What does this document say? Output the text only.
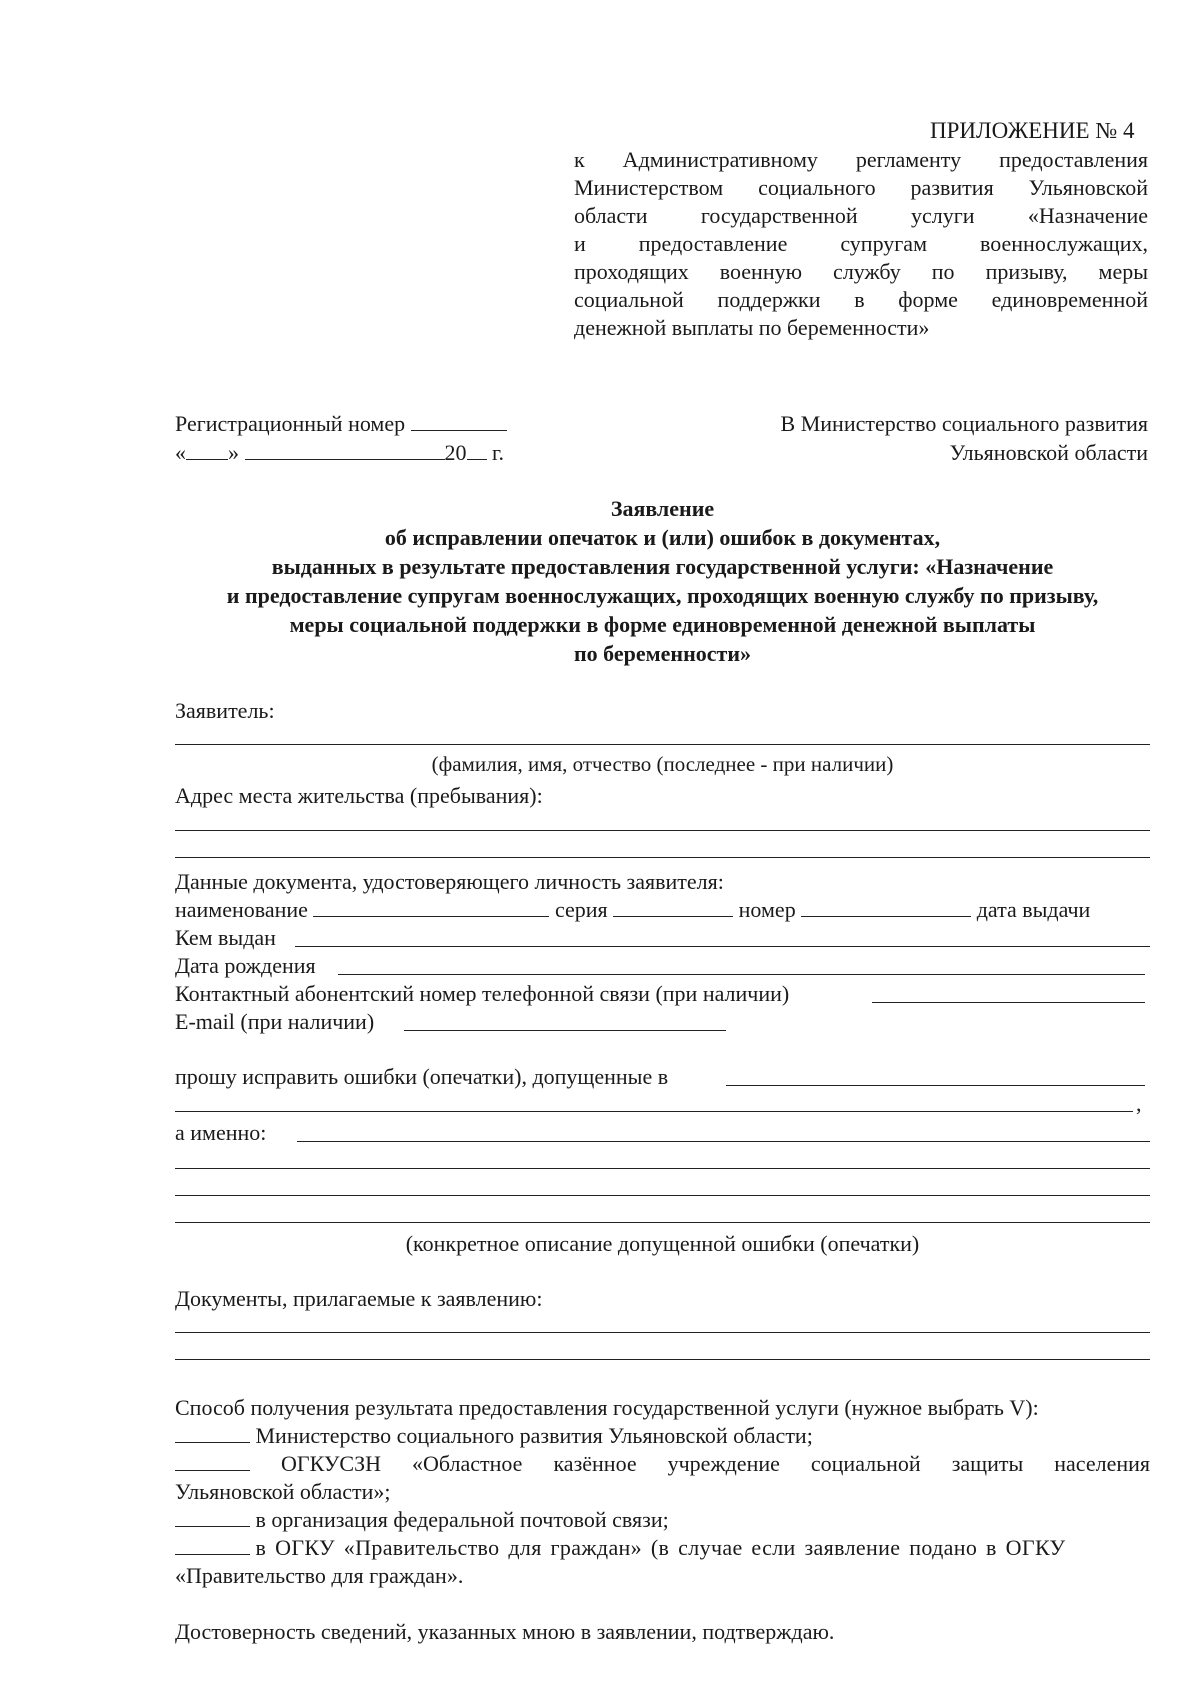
ПРИЛОЖЕНИЕ № 4
к Административному регламенту предоставления
Министерством социального развития Ульяновской
области государственной услуги «Назначение
и предоставление супругам военнослужащих,
проходящих военную службу по призыву, меры
социальной поддержки в форме единовременной
денежной выплаты по беременности»
Регистрационный номер
« »	20 г.
В Министерство социального развития
Ульяновской области
Заявление
об исправлении опечаток и (или) ошибок в документах,
выданных в результате предоставления государственной услуги: «Назначение
и предоставление супругам военнослужащих, проходящих военную службу по призыву,
меры социальной поддержки в форме единовременной денежной выплаты
по беременности»
Заявитель:
(фамилия, имя, отчество (последнее - при наличии)
Адрес места жительства (пребывания):
Данные документа, удостоверяющего личность заявителя:
наименование	серия	номер	дата выдачи
Кем выдан
Дата рождения
Контактный абонентский номер телефонной связи (при наличии)
E-mail (при наличии)
прошу исправить ошибки (опечатки), допущенные в
,
а именно:
(конкретное описание допущенной ошибки (опечатки)
Документы, прилагаемые к заявлению:
Способ получения результата предоставления государственной услуги (нужное выбрать V):
Министерство социального развития Ульяновской области;
ОГКУСЗН «Областное казённое учреждение социальной защиты населения
Ульяновской области»;
в организация федеральной почтовой связи;
в ОГКУ «Правительство для граждан» (в случае если заявление подано в ОГКУ
«Правительство для граждан».
Достоверность сведений, указанных мною в заявлении, подтверждаю.
